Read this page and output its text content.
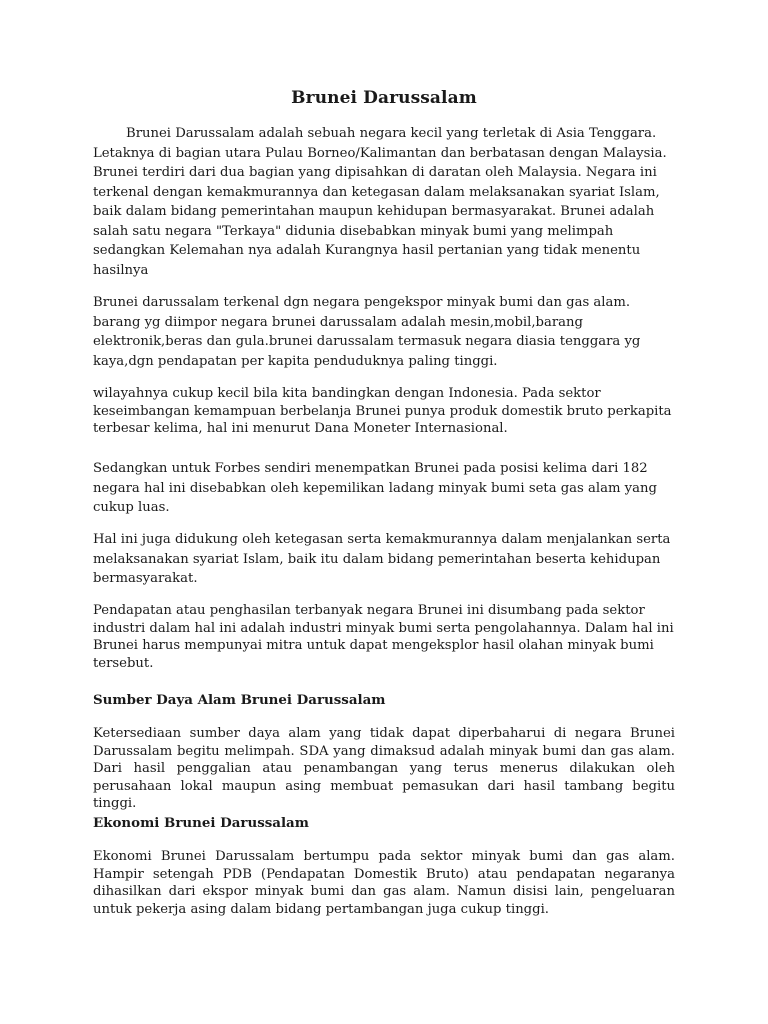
Brunei Darussalam

Brunei Darussalam adalah sebuah negara kecil yang terletak di Asia Tenggara. Letaknya di bagian utara Pulau Borneo/Kalimantan dan berbatasan dengan Malaysia. Brunei terdiri dari dua bagian yang dipisahkan di daratan oleh Malaysia. Negara ini terkenal dengan kemakmurannya dan ketegasan dalam melaksanakan syariat Islam, baik dalam bidang pemerintahan maupun kehidupan bermasyarakat. Brunei adalah salah satu negara "Terkaya" didunia disebabkan minyak bumi yang melimpah sedangkan Kelemahan nya adalah Kurangnya hasil pertanian yang tidak menentu hasilnya

Brunei darussalam terkenal dgn negara pengekspor minyak bumi dan gas alam. barang yg diimpor negara brunei darussalam adalah mesin,mobil,barang elektronik,beras dan gula.brunei darussalam termasuk negara diasia tenggara yg kaya,dgn pendapatan per kapita penduduknya paling tinggi.

wilayahnya cukup kecil bila kita bandingkan dengan Indonesia. Pada sektor keseimbangan kemampuan berbelanja Brunei punya produk domestik bruto perkapita terbesar kelima, hal ini menurut Dana Moneter Internasional.

Sedangkan untuk Forbes sendiri menempatkan Brunei pada posisi kelima dari 182 negara hal ini disebabkan oleh kepemilikan ladang minyak bumi seta gas alam yang cukup luas.

Hal ini juga didukung oleh ketegasan serta kemakmurannya dalam menjalankan serta melaksanakan syariat Islam, baik itu dalam bidang pemerintahan beserta kehidupan bermasyarakat.

Pendapatan atau penghasilan terbanyak negara Brunei ini disumbang pada sektor industri dalam hal ini adalah industri minyak bumi serta pengolahannya. Dalam hal ini Brunei harus mempunyai mitra untuk dapat mengeksplor hasil olahan minyak bumi tersebut.

Sumber Daya Alam Brunei Darussalam

Ketersediaan sumber daya alam yang tidak dapat diperbaharui di negara Brunei Darussalam begitu melimpah. SDA yang dimaksud adalah minyak bumi dan gas alam. Dari hasil penggalian atau penambangan yang terus menerus dilakukan oleh perusahaan lokal maupun asing membuat pemasukan dari hasil tambang begitu tinggi.

Ekonomi Brunei Darussalam

Ekonomi Brunei Darussalam bertumpu pada sektor minyak bumi dan gas alam. Hampir setengah PDB (Pendapatan Domestik Bruto) atau pendapatan negaranya dihasilkan dari ekspor minyak bumi dan gas alam. Namun disisi lain, pengeluaran untuk pekerja asing dalam bidang pertambangan juga cukup tinggi.
